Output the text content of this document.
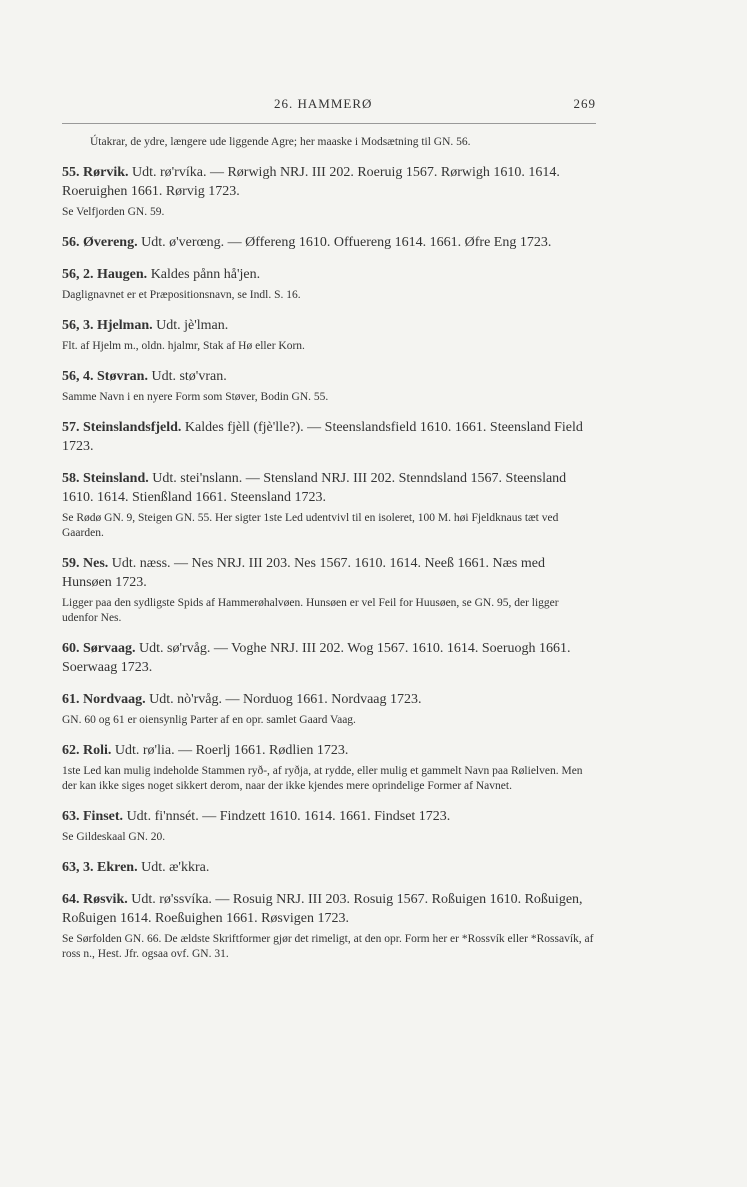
26. HAMMERØ	269
Útakrar, de ydre, længere ude liggende Agre; her maaske i Modsætning til GN. 56.
55. Rørvik. Udt. rø'rvíka. — Rørwigh NRJ. III 202. Roeruig 1567. Rørwigh 1610. 1614. Roeruighen 1661. Rørvig 1723.
Se Velfjorden GN. 59.
56. Øvereng. Udt. ø'verœng. — Øffereng 1610. Offuereng 1614. 1661. Øfre Eng 1723.
56, 2. Haugen. Kaldes pånn hå'jen.
Daglignavnet er et Præpositionsnavn, se Indl. S. 16.
56, 3. Hjelman. Udt. jè'lman.
Flt. af Hjelm m., oldn. hjalmr, Stak af Hø eller Korn.
56, 4. Støvran. Udt. stø'vran.
Samme Navn i en nyere Form som Støver, Bodin GN. 55.
57. Steinslandsfjeld. Kaldes fjèll (fjè'lle?). — Steenslandsfield 1610. 1661. Steensland Field 1723.
58. Steinsland. Udt. stei'nslann. — Stensland NRJ. III 202. Stenndsland 1567. Steensland 1610. 1614. Stienßland 1661. Steensland 1723.
Se Rødø GN. 9, Steigen GN. 55. Her sigter 1ste Led udentvivl til en isoleret, 100 M. høi Fjeldknaus tæt ved Gaarden.
59. Nes. Udt. næss. — Nes NRJ. III 203. Nes 1567. 1610. 1614. Neeß 1661. Næs med Hunsøen 1723.
Ligger paa den sydligste Spids af Hammerøhalvøen. Hunsøen er vel Feil for Huusøen, se GN. 95, der ligger udenfor Nes.
60. Sørvaag. Udt. sø'rvåg. — Voghe NRJ. III 202. Wog 1567. 1610. 1614. Soeruogh 1661. Soerwaag 1723.
61. Nordvaag. Udt. nò'rvåg. — Norduog 1661. Nordvaag 1723.
GN. 60 og 61 er oiensynlig Parter af en opr. samlet Gaard Vaag.
62. Roli. Udt. rø'lia. — Roerlj 1661. Rødlien 1723.
1ste Led kan mulig indeholde Stammen ryð-, af ryðja, at rydde, eller mulig et gammelt Navn paa Rølielven. Men der kan ikke siges noget sikkert derom, naar der ikke kjendes mere oprindelige Former af Navnet.
63. Finset. Udt. fi'nnsét. — Findzett 1610. 1614. 1661. Findset 1723.
Se Gildeskaal GN. 20.
63, 3. Ekren. Udt. æ'kkra.
64. Røsvik. Udt. rø'ssvíka. — Rosuig NRJ. III 203. Rosuig 1567. Roßuigen 1610. Roßuigen, Roßuigen 1614. Roeßuighen 1661. Røsvigen 1723.
Se Sørfolden GN. 66. De ældste Skriftformer gjør det rimeligt, at den opr. Form her er *Rossvík eller *Rossavík, af ross n., Hest. Jfr. ogsaa ovf. GN. 31.
